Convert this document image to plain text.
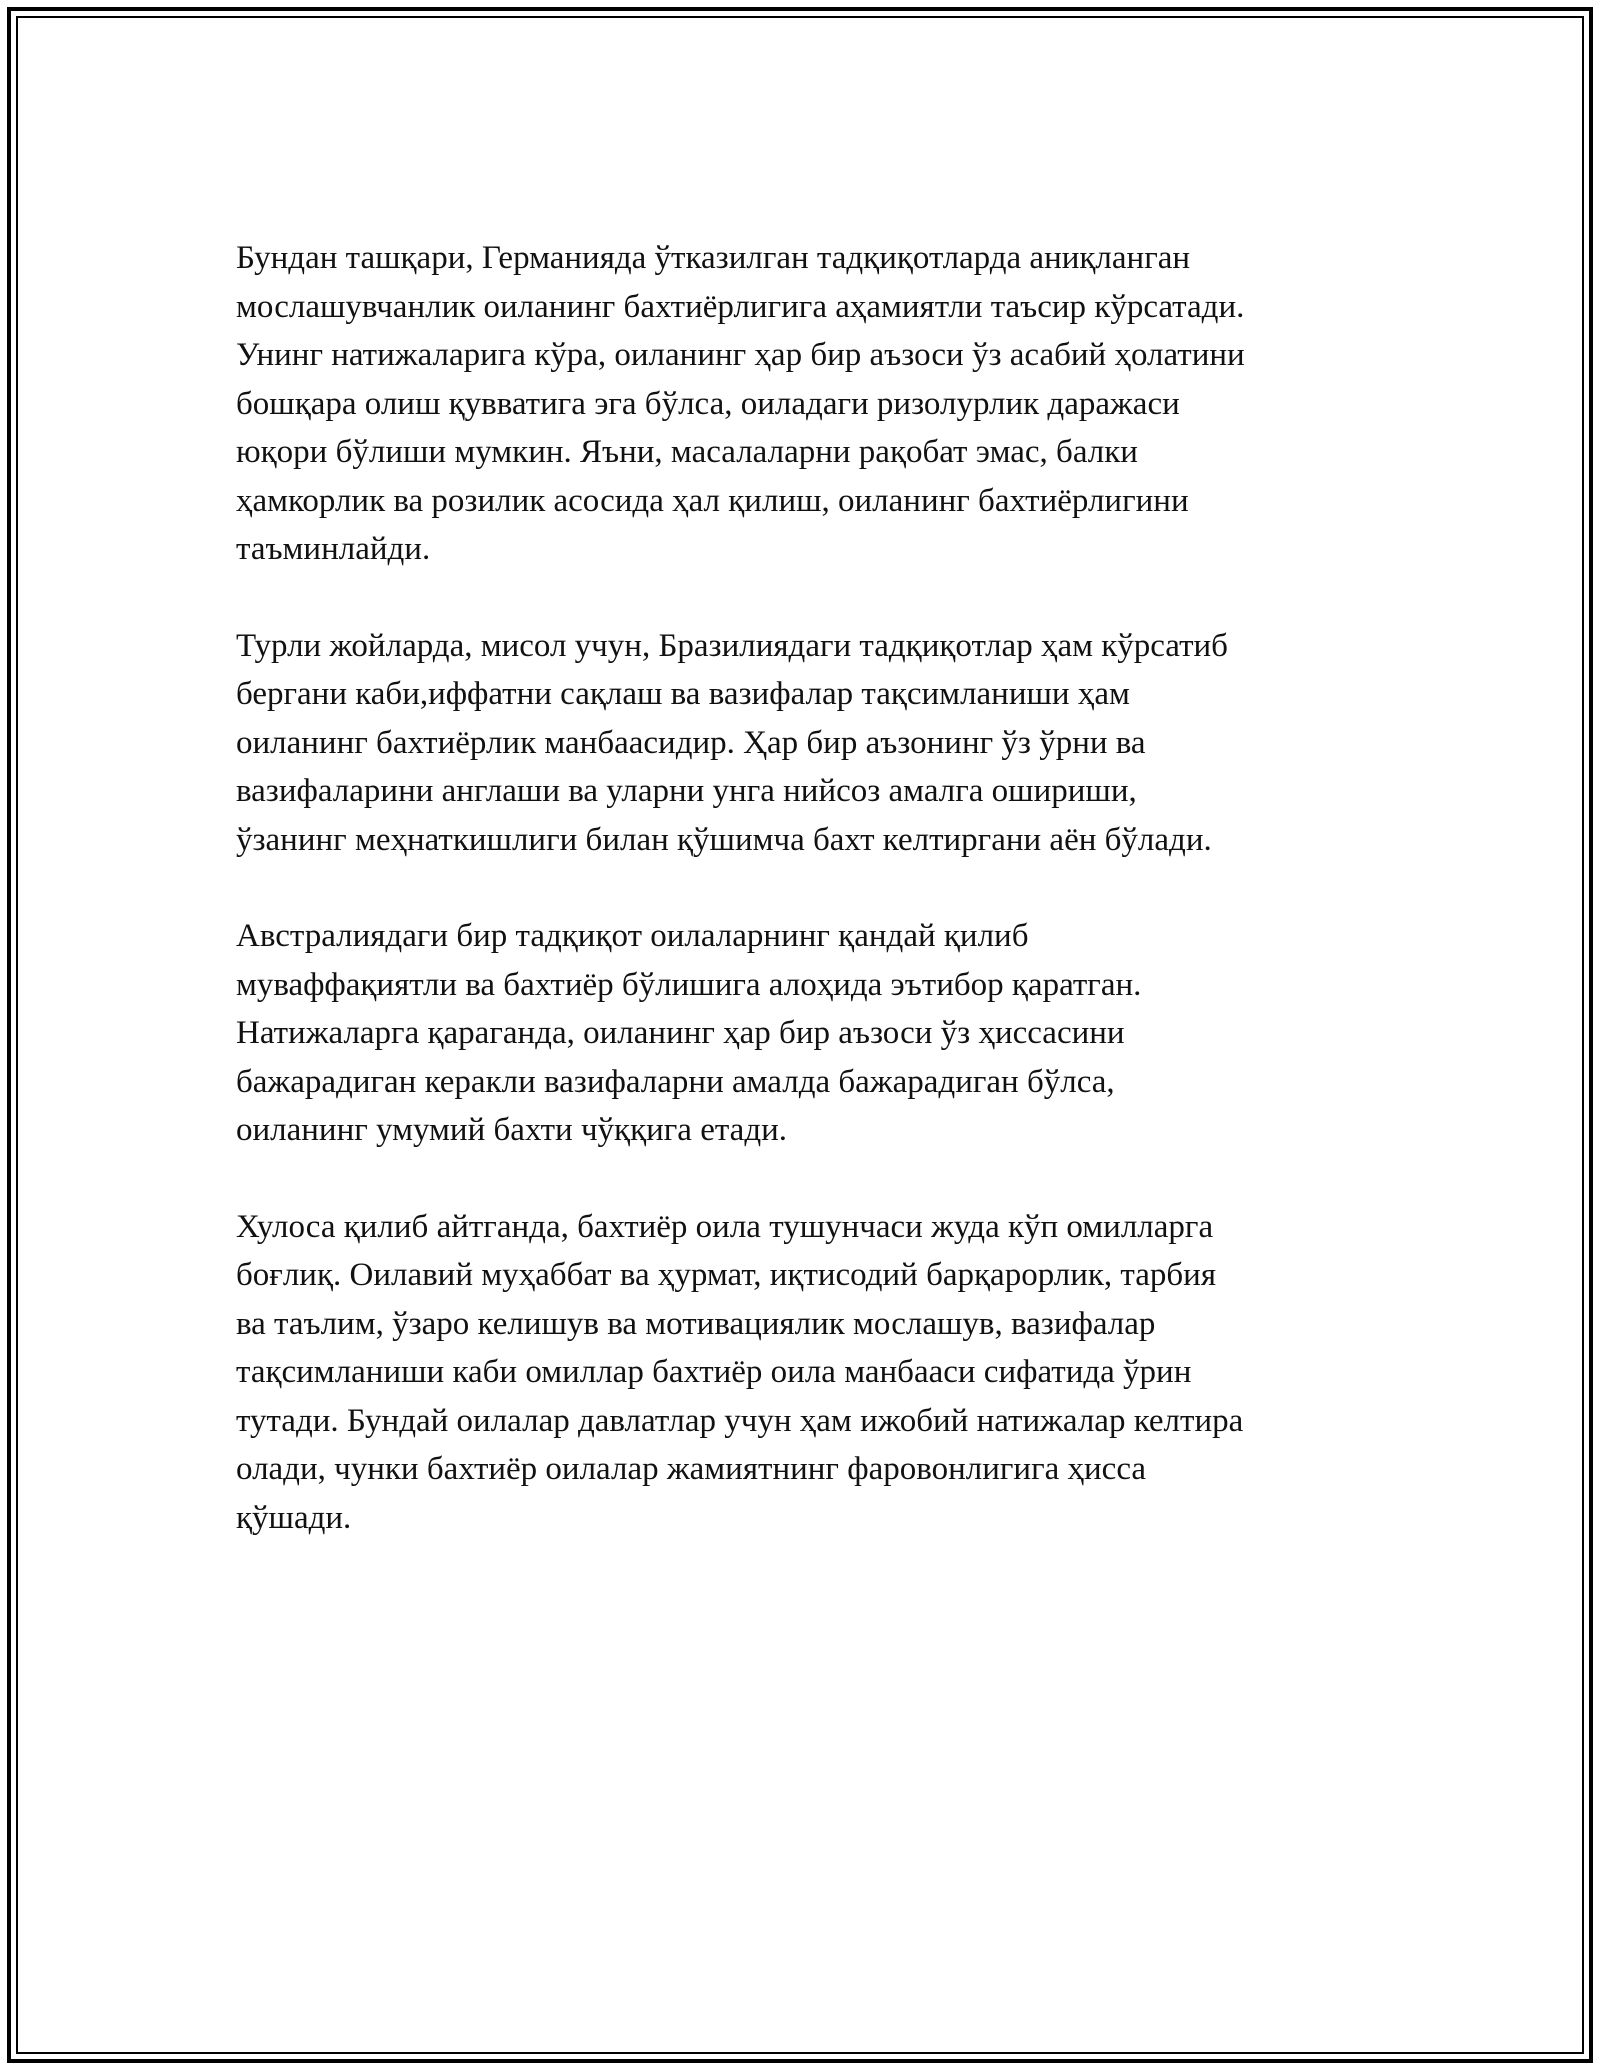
Бундан ташқари, Германияда ўтказилган тадқиқотларда аниқланган
мослашувчанлик оиланинг бахтиёрлигига аҳамиятли таъсир кўрсатади.
Унинг натижаларига кўра, оиланинг ҳар бир аъзоси ўз асабий ҳолатини
бошқара олиш қувватига эга бўлса, оиладаги ризолурлик даражаси
юқори бўлиши мумкин. Яъни, масалаларни рақобат эмас, балки
ҳамкорлик ва розилик асосида ҳал қилиш, оиланинг бахтиёрлигини
таъминлайди.

Турли жойларда, мисол учун, Бразилиядаги тадқиқотлар ҳам кўрсатиб
бергани каби,иффатни сақлаш ва вазифалар тақсимланиши ҳам
оиланинг бахтиёрлик манбаасидир. Ҳар бир аъзонинг ўз ўрни ва
вазифаларини англаши ва уларни унга нийсоз амалга ошириши,
ўзанинг меҳнаткишлиги билан қўшимча бахт келтиргани аён бўлади.

Австралиядаги бир тадқиқот оилаларнинг қандай қилиб
муваффақиятли ва бахтиёр бўлишига алоҳида эътибор қаратган.
Натижаларга қараганда, оиланинг ҳар бир аъзоси ўз ҳиссасини
бажарадиган керакли вазифаларни амалда бажарадиган бўлса,
оиланинг умумий бахти чўққига етади.

Хулоса қилиб айтганда, бахтиёр оила тушунчаси жуда кўп омилларга
боғлиқ. Оилавий муҳаббат ва ҳурмат, иқтисодий барқарорлик, тарбия
ва таълим, ўзаро келишув ва мотивациялик мослашув, вазифалар
тақсимланиши каби омиллар бахтиёр оила манбааси сифатида ўрин
тутади. Бундай оилалар давлатлар учун ҳам ижобий натижалар келтира
олади, чунки бахтиёр оилалар жамиятнинг фаровонлигига ҳисса
қўшади.
